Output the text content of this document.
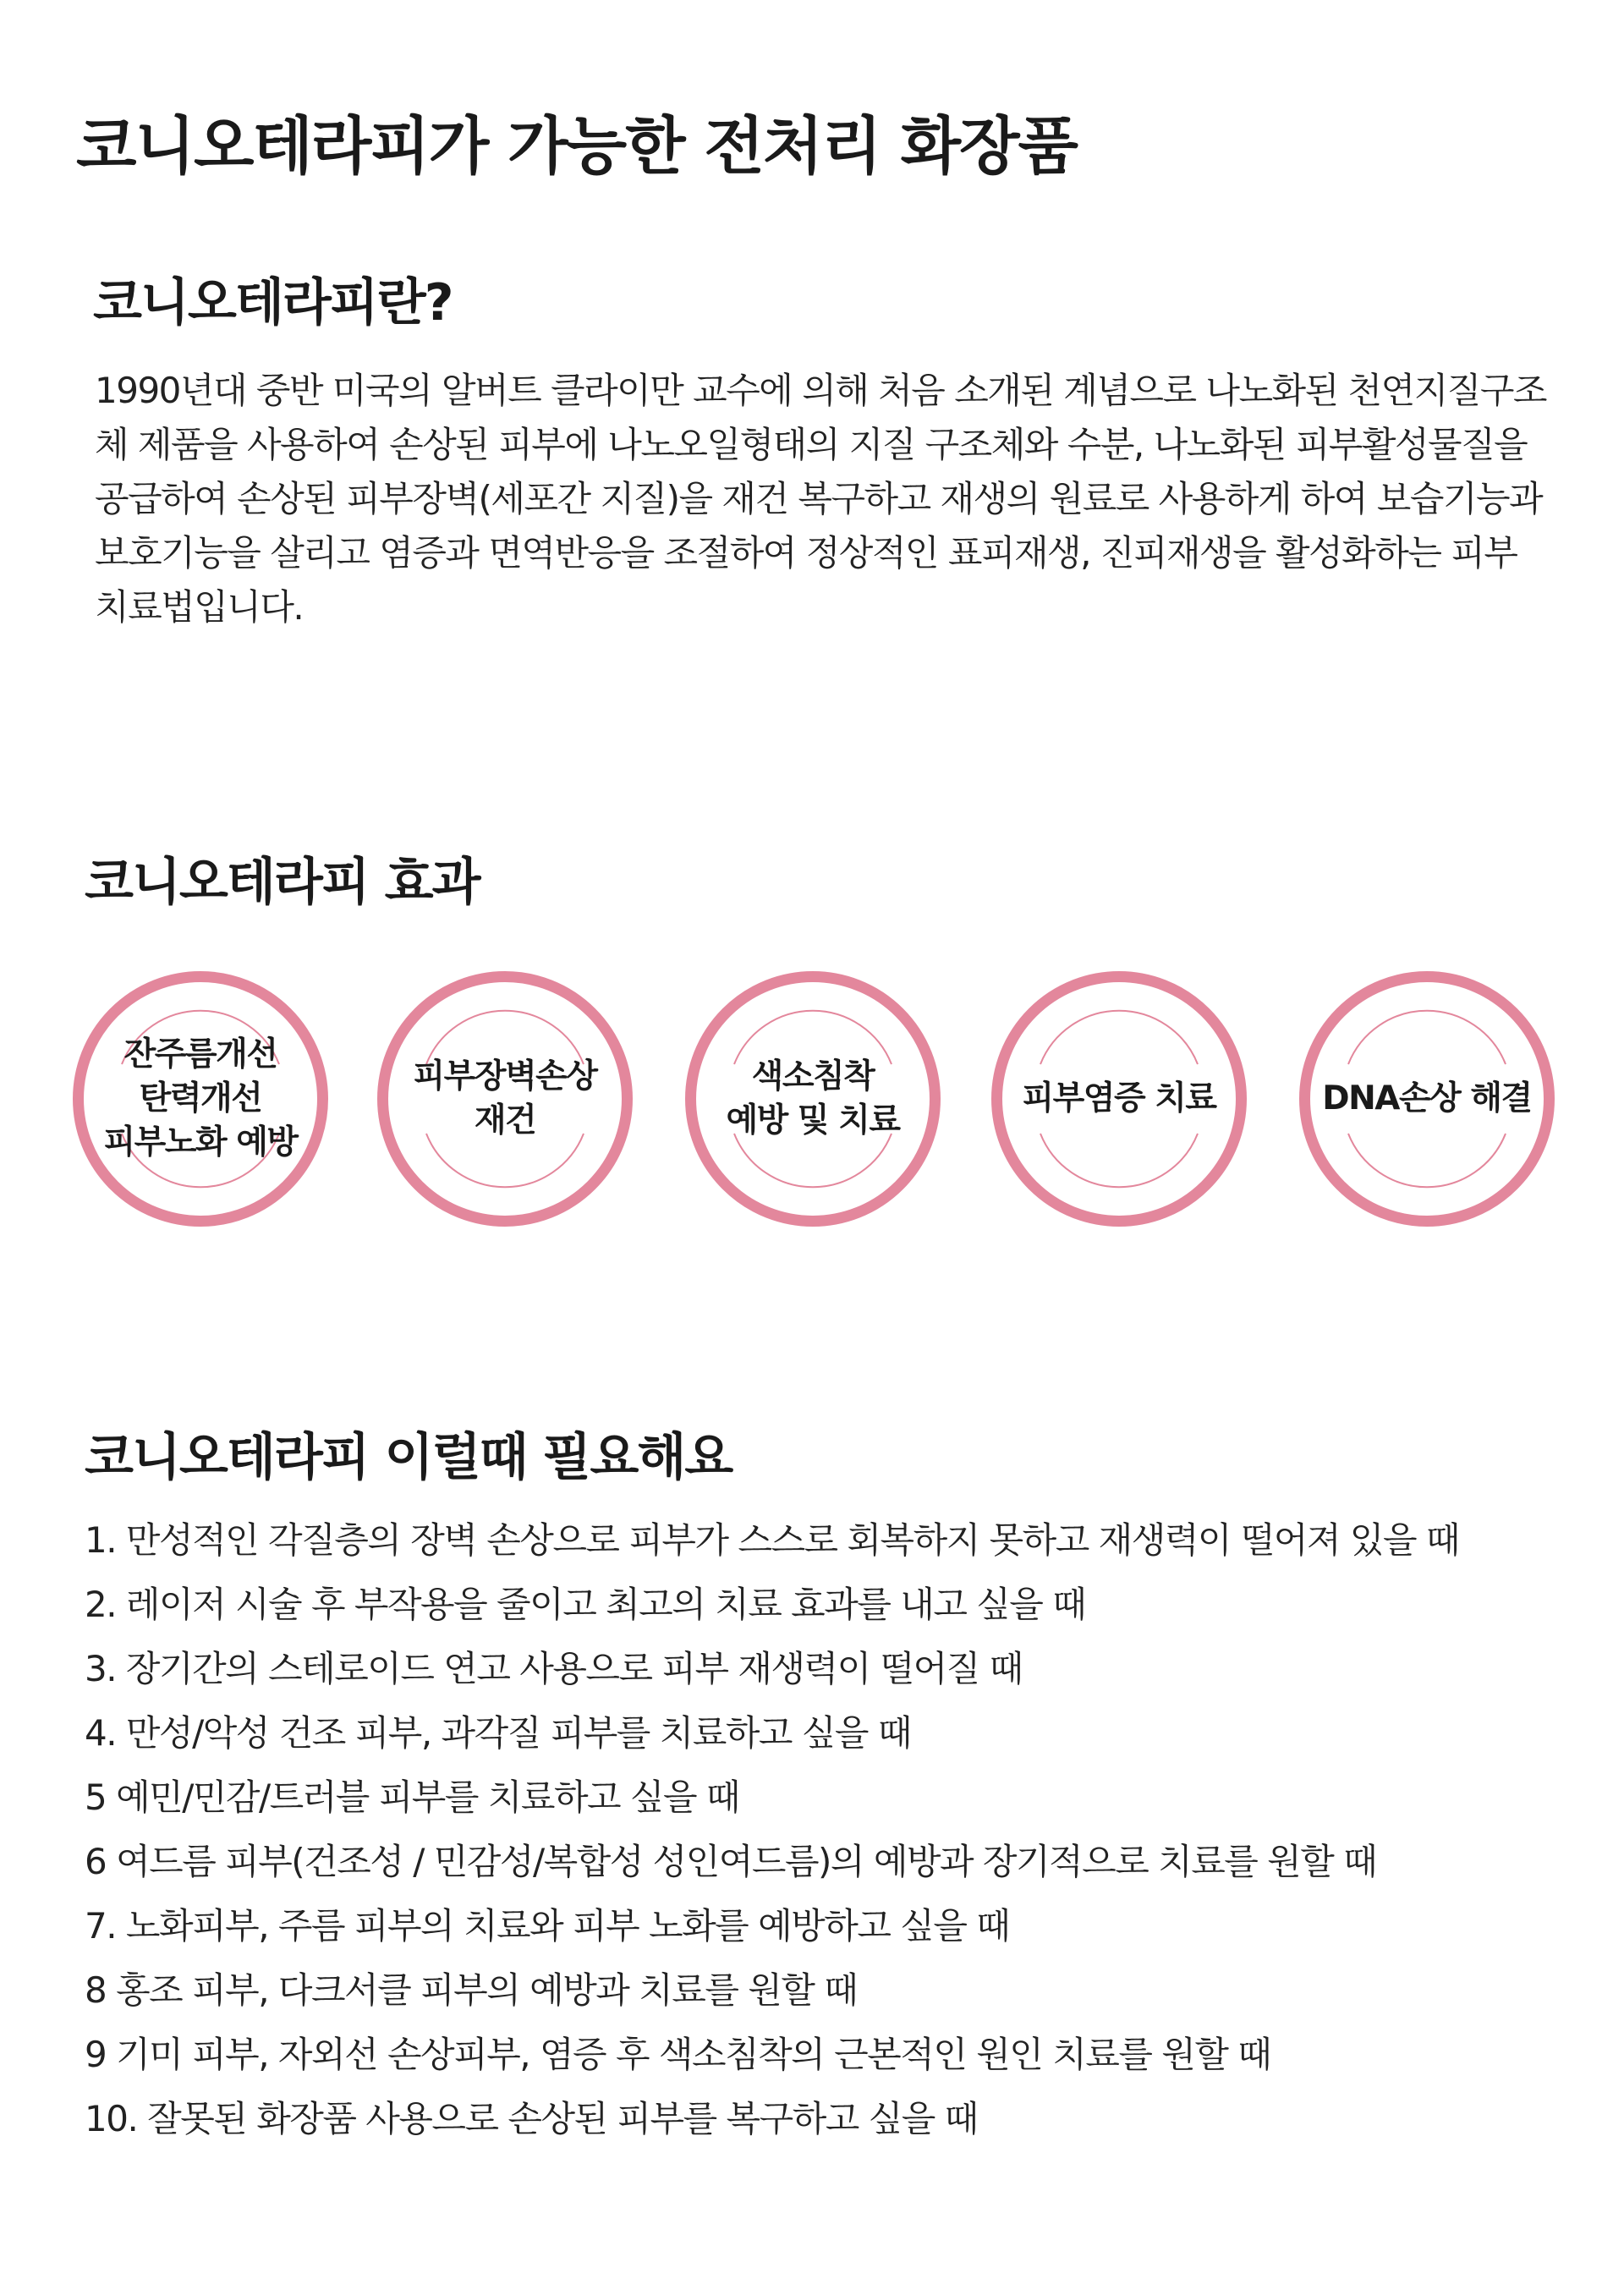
코니오테라피가 가능한 전처리 화장품
코니오테라피란?

1990년대 중반 미국의 알버트 클라이만 교수에 의해 처음 소개된 계념으로 나노화된 천연지질구조체 제품을 사용하여 손상된 피부에 나노오일형태의 지질 구조체와 수분, 나노화된 피부활성물질을 공급하여 손상된 피부장벽(세포간 지질)을 재건 복구하고 재생의 원료로 사용하게 하여 보습기능과 보호기능을 살리고 염증과 면역반응을 조절하여 정상적인 표피재생, 진피재생을 활성화하는 피부치료법입니다.

코니오테라피 효과
잔주름개선
탄력개선
피부노화 예방
피부장벽손상
재건
색소침착
예방 및 치료
피부염증 치료	DNA손상 해결
코니오테라피 이럴때 필요해요
1. 만성적인 각질층의 장벽 손상으로 피부가 스스로 회복하지 못하고 재생력이 떨어져 있을 때
2. 레이저 시술 후 부작용을 줄이고 최고의 치료 효과를 내고 싶을 때
3. 장기간의 스테로이드 연고 사용으로 피부 재생력이 떨어질 때
4. 만성/악성 건조 피부, 과각질 피부를 치료하고 싶을 때
5 예민/민감/트러블 피부를 치료하고 싶을 때
6 여드름 피부(건조성 / 민감성/복합성 성인여드름)의 예방과 장기적으로 치료를 원할 때
7. 노화피부, 주름 피부의 치료와 피부 노화를 예방하고 싶을 때
8 홍조 피부, 다크서클 피부의 예방과 치료를 원할 때
9 기미 피부, 자외선 손상피부, 염증 후 색소침착의 근본적인 원인 치료를 원할 때
10. 잘못된 화장품 사용으로 손상된 피부를 복구하고 싶을 때
